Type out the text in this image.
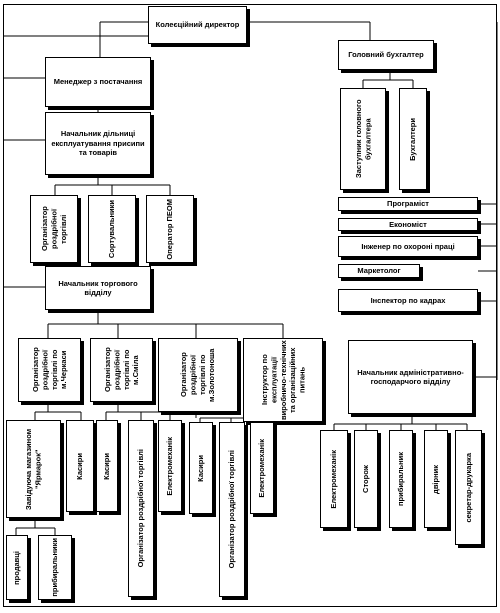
Колеєційний директор
Менеджер з постачання
Головний бухгалтер
Заступник головного бухгалтера	Бухгалтери
Начальник дільниці експлуатування присипи та товарів
Організатор роздрібної торгівлі	Сортувальники	Оператор ПЕОМ	Програміст
Економіст
Інженер по охороні праці
Маркетолог
Інспектор по кадрах
Начальник торгового відділу
Організатор роздрібної торгівлі по м.Черкаси	Організатор роздрібної торгівлі по м.Сміла	Організатор роздрібної торгівлі по м.Золотоноша	Інструктор по експлуатації виробничо-технічних та організаційних питань	Начальник адміністративно-господарчого відділу
Завідуюча магазином "Ярмарок"	Касири
продавці	прибиральники
Касири	Організатор роздрібної торгівлі	Електромеханік	Касири	Організатор роздрібної торгівлі	Електромеханік	Електромеханік	Сторож	прибиральник	двірник	секретар-друкарка
